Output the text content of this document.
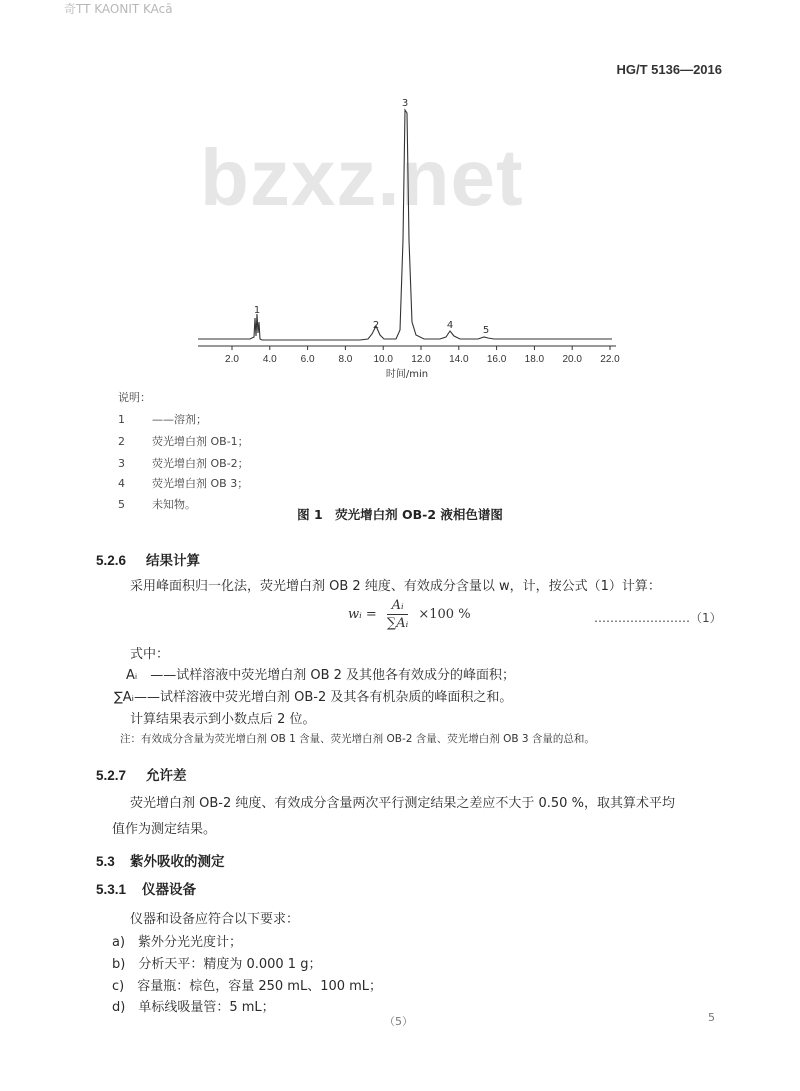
奇TT KAONIT KAcā
HG/T 5136—2016
bzxz.net
2.0 4.0 6.0 8.0 10.0 12.0 14.0 16.0 18.0 20.0 22.0
时间/min
1
2
3
4	5
说明：
1 ——溶剂；
2 荧光增白剂 OB-1；
3 荧光增白剂 OB-2；
4 荧光增白剂 OB 3；
5 未知物。
图 1　荧光增白剂 OB-2 液相色谱图
5.2.6 结果计算
采用峰面积归一化法，荧光增白剂 OB 2 纯度、有效成分含量以 w，计，按公式（1）计算：
wᵢ = $\frac{\text{Aᵢ}}{\text{∑Aᵢ}} \times 100$ %	……………………（1）
式中：
Aᵢ　——试样溶液中荧光增白剂 OB 2 及其他各有效成分的峰面积；
∑Aᵢ——试样溶液中荧光增白剂 OB-2 及其各有机杂质的峰面积之和。
计算结果表示到小数点后 2 位。
注：有效成分含量为荧光增白剂 OB 1 含量、荧光增白剂 OB-2 含量、荧光增白剂 OB 3 含量的总和。
5.2.7 允许差
荧光增白剂 OB-2 纯度、有效成分含量两次平行测定结果之差应不大于 0.50 %，取其算术平均
值作为测定结果。
5.3 紫外吸收的测定
5.3.1 仪器设备
仪器和设备应符合以下要求：
a)　紫外分光光度计；
b)　分析天平：精度为 0.000 1 g；
c)　容量瓶：棕色，容量 250 mL、100 mL；
d)　单标线吸量管：5 mL；
（5）	5
